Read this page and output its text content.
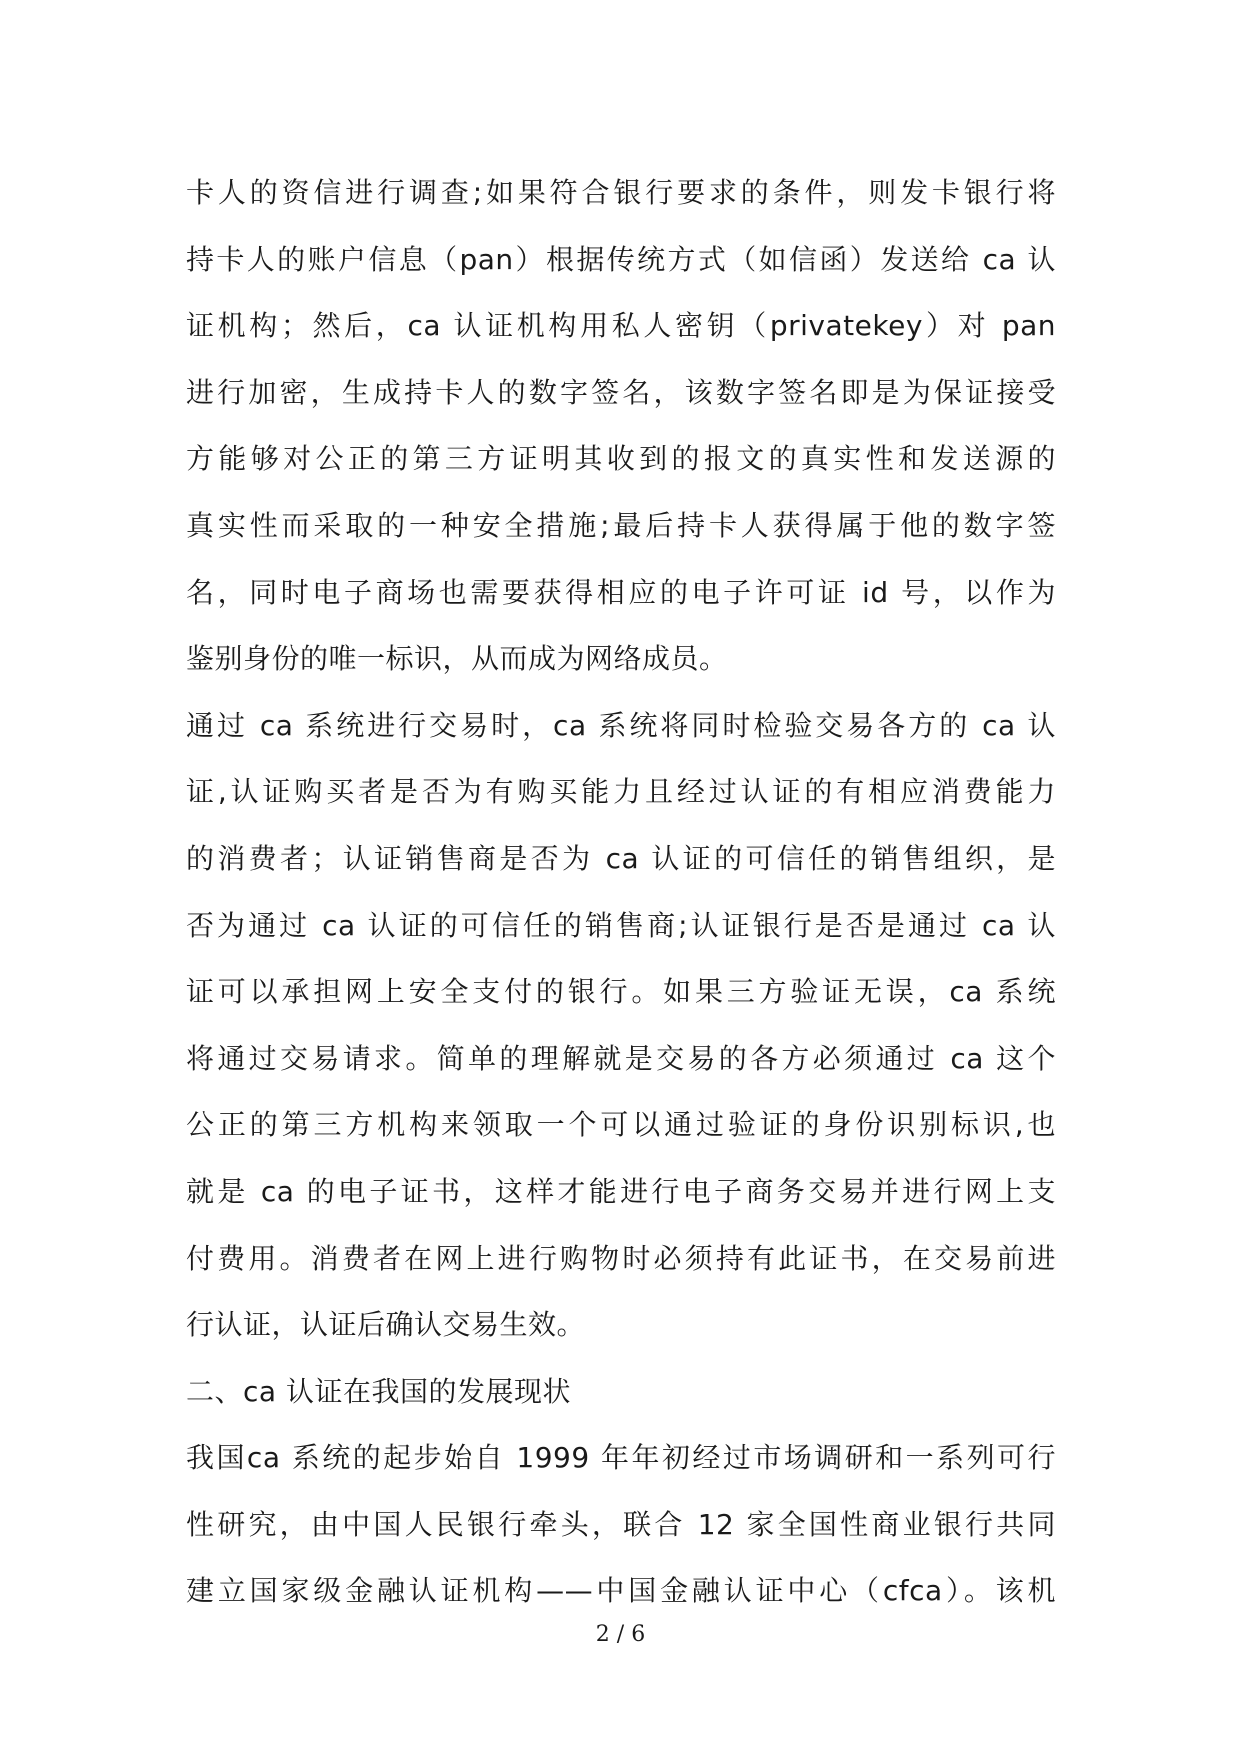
卡人的资信进行调查;如果符合银行要求的条件，则发卡银行将
持卡人的账户信息（pan）根据传统方式（如信函）发送给 ca 认
证机构；然后，ca 认证机构用私人密钥（privatekey）对 pan
进行加密，生成持卡人的数字签名，该数字签名即是为保证接受
方能够对公正的第三方证明其收到的报文的真实性和发送源的
真实性而采取的一种安全措施;最后持卡人获得属于他的数字签
名，同时电子商场也需要获得相应的电子许可证 id 号，以作为
鉴别身份的唯一标识，从而成为网络成员。
通过 ca 系统进行交易时，ca 系统将同时检验交易各方的 ca 认
证,认证购买者是否为有购买能力且经过认证的有相应消费能力
的消费者；认证销售商是否为 ca 认证的可信任的销售组织，是
否为通过 ca 认证的可信任的销售商;认证银行是否是通过 ca 认
证可以承担网上安全支付的银行。如果三方验证无误，ca 系统
将通过交易请求。简单的理解就是交易的各方必须通过 ca 这个
公正的第三方机构来领取一个可以通过验证的身份识别标识,也
就是 ca 的电子证书，这样才能进行电子商务交易并进行网上支
付费用。消费者在网上进行购物时必须持有此证书，在交易前进
行认证，认证后确认交易生效。
二、ca 认证在我国的发展现状
我国ca 系统的起步始自 1999 年年初经过市场调研和一系列可行
性研究，由中国人民银行牵头，联合 12 家全国性商业银行共同
建立国家级金融认证机构——中国金融认证中心（cfca）。该机
2 / 6
